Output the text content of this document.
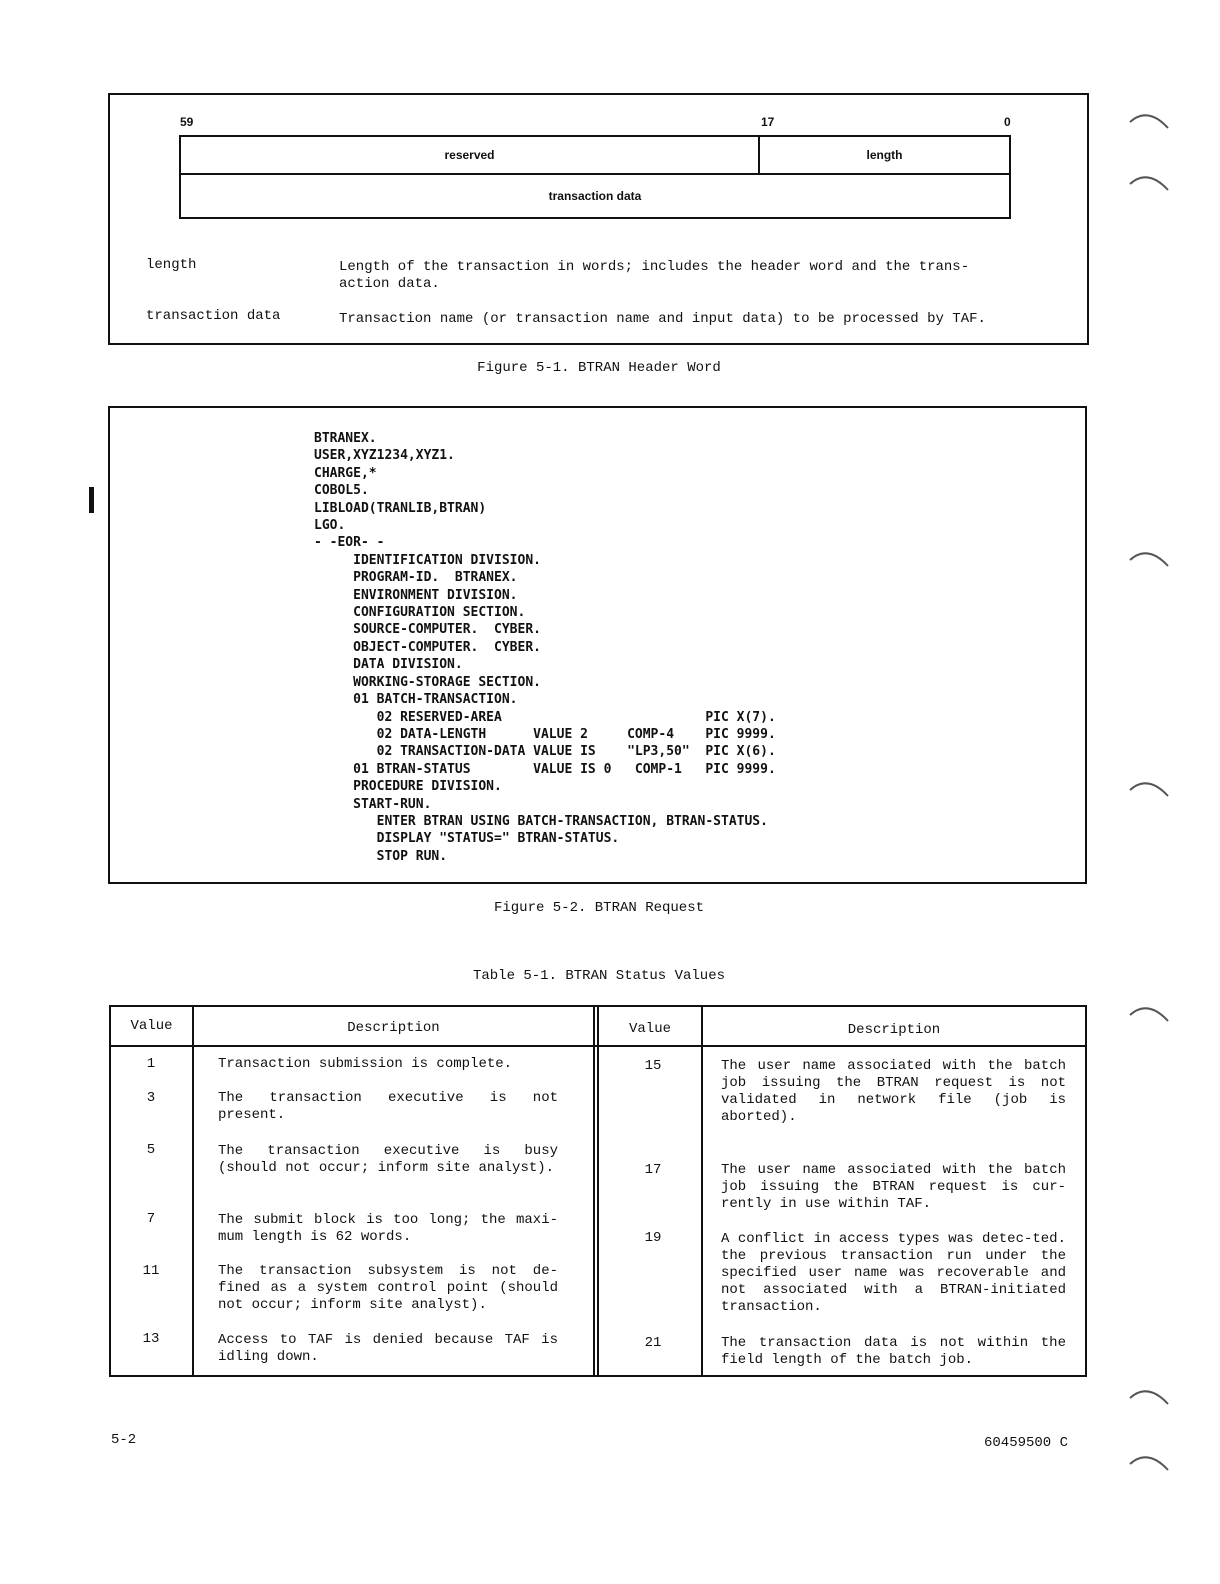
59	17	0
reserved	length
transaction data
length	Length of the transaction in words; includes the header word and the trans-
action data.
transaction data	Transaction name (or transaction name and input data) to be processed by TAF.
Figure 5-1. BTRAN Header Word
BTRANEX.
USER,XYZ1234,XYZ1.
CHARGE,*
COBOL5.
LIBLOAD(TRANLIB,BTRAN)
LGO.
- -EOR- -
IDENTIFICATION DIVISION.
PROGRAM-ID.  BTRANEX.
ENVIRONMENT DIVISION.
CONFIGURATION SECTION.
SOURCE-COMPUTER.  CYBER.
OBJECT-COMPUTER.  CYBER.
DATA DIVISION.
WORKING-STORAGE SECTION.
01 BATCH-TRANSACTION.
02 RESERVED-AREA                          PIC X(7).
02 DATA-LENGTH      VALUE 2     COMP-4    PIC 9999.
02 TRANSACTION-DATA VALUE IS    "LP3,50"  PIC X(6).
01 BTRAN-STATUS        VALUE IS 0   COMP-1   PIC 9999.
PROCEDURE DIVISION.
START-RUN.
ENTER BTRAN USING BATCH-TRANSACTION, BTRAN-STATUS.
DISPLAY "STATUS=" BTRAN-STATUS.
STOP RUN.
Figure 5-2. BTRAN Request
Table 5-1. BTRAN Status Values
Value	Description	Value	Description
1	Transaction submission is complete.
3	The transaction executive is not present.
5	The transaction executive is busy (should not occur; inform site analyst).
7	The submit block is too long; the maxi-mum length is 62 words.
11	The transaction subsystem is not de-fined as a system control point (should not occur; inform site analyst).
13	Access to TAF is denied because TAF is idling down.
15	The user name associated with the batch job issuing the BTRAN request is not validated in network file (job is aborted).
17	The user name associated with the batch job issuing the BTRAN request is cur-rently in use within TAF.
19	A conflict in access types was detec-ted. the previous transaction run under the specified user name was recoverable and not associated with a BTRAN-initiated transaction.
21	The transaction data is not within the field length of the batch job.
5-2	60459500 C
